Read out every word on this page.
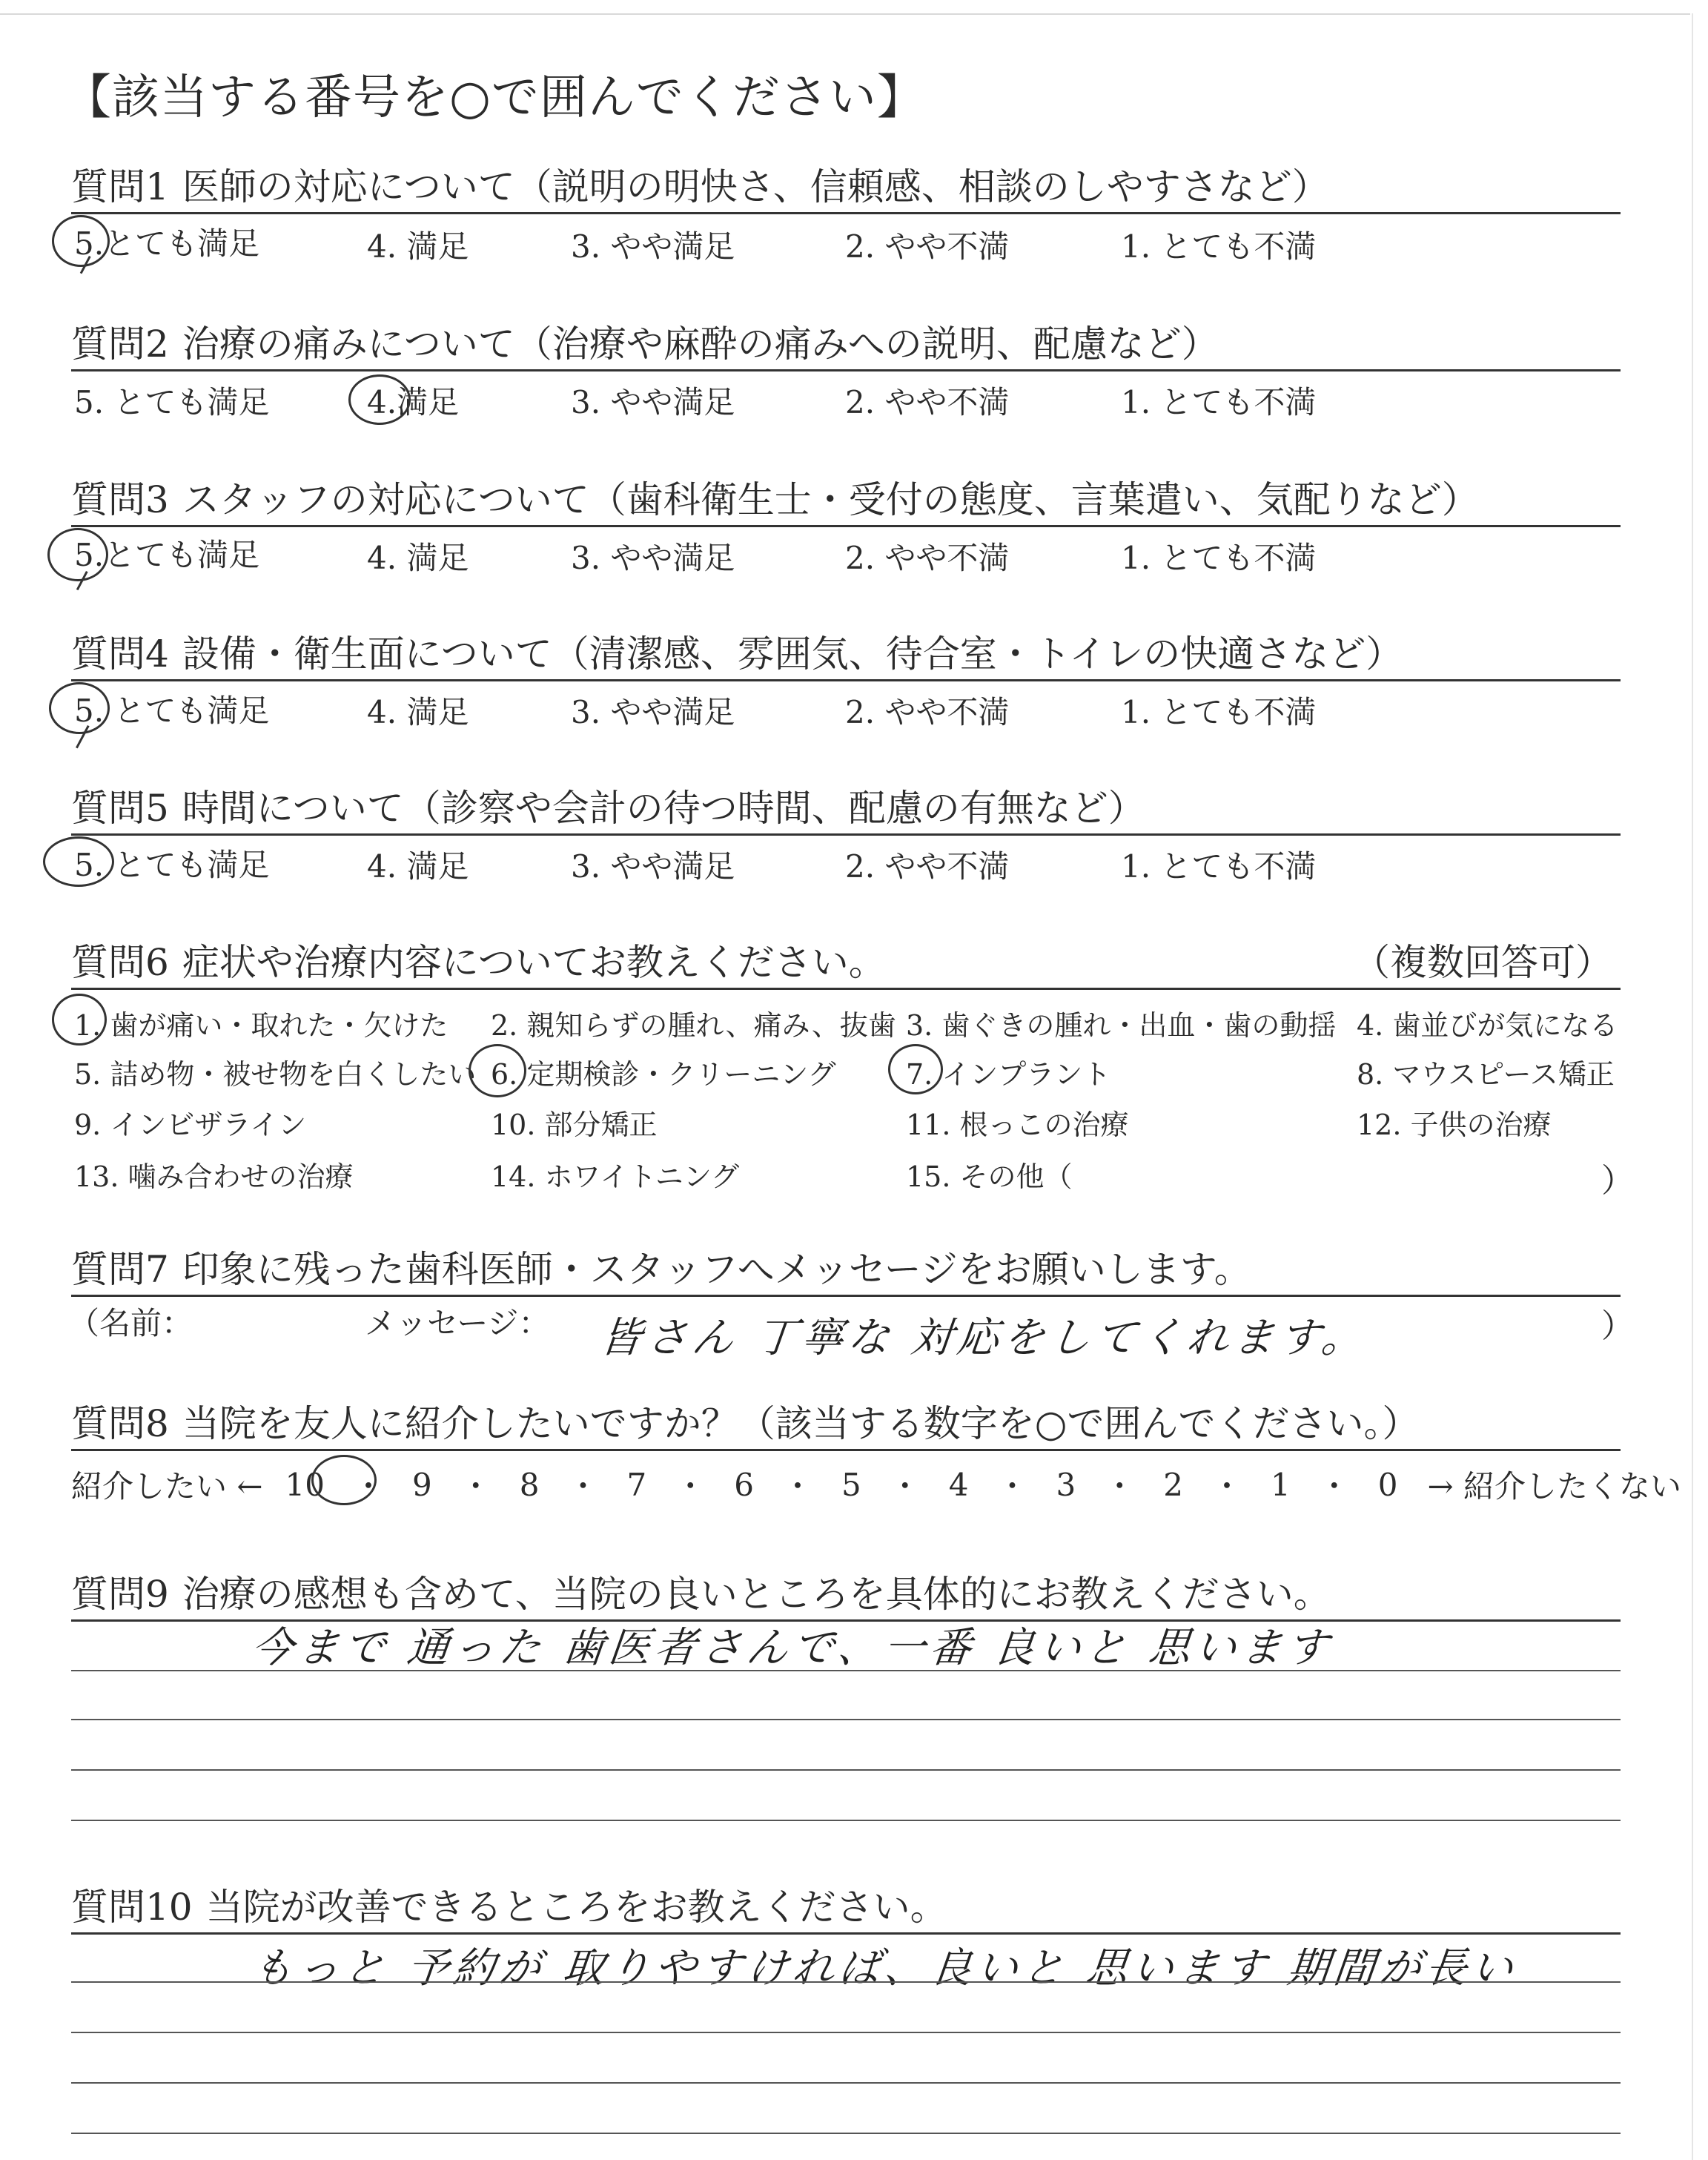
【該当する番号を○で囲んでください】
質問1 医師の対応について（説明の明快さ、信頼感、相談のしやすさなど）
5.とても満足	4. 満足	3. やや満足	2. やや不満	1. とても不満
質問2 治療の痛みについて（治療や麻酔の痛みへの説明、配慮など）
5. とても満足	4.満足	3. やや満足	2. やや不満	1. とても不満
質問3 スタッフの対応について（歯科衛生士・受付の態度、言葉遣い、気配りなど）
5.とても満足	4. 満足	3. やや満足	2. やや不満	1. とても不満
質問4 設備・衛生面について（清潔感、雰囲気、待合室・トイレの快適さなど）
5. とても満足	4. 満足	3. やや満足	2. やや不満	1. とても不満
質問5 時間について（診察や会計の待つ時間、配慮の有無など）
5. とても満足	4. 満足	3. やや満足	2. やや不満	1. とても不満
質問6 症状や治療内容についてお教えください。	（複数回答可）
1. 歯が痛い・取れた・欠けた 2. 親知らずの腫れ、痛み、抜歯 3. 歯ぐきの腫れ・出血・歯の動揺 4. 歯並びが気になる
5. 詰め物・被せ物を白くしたい 6. 定期検診・クリーニング 7. インプラント	8. マウスピース矯正
9. インビザライン	10. 部分矯正	11. 根っこの治療	12. 子供の治療
13. 噛み合わせの治療	14. ホワイトニング	15. その他（	）
質問7 印象に残った歯科医師・スタッフへメッセージをお願いします。
（名前：	メッセージ： 皆さん 丁寧な 対応をしてくれます。	）
質問8 当院を友人に紹介したいですか？（該当する数字を○で囲んでください。）
紹介したい ← 10 ・ 9 ・ 8 ・ 7 ・ 6 ・ 5 ・ 4 ・ 3 ・ 2 ・ 1 ・ 0 → 紹介したくない
質問9 治療の感想も含めて、当院の良いところを具体的にお教えください。
今まで 通った 歯医者さんで、一番 良いと 思います
質問10 当院が改善できるところをお教えください。
もっと 予約が 取りやすければ、良いと 思います 期間が長い
